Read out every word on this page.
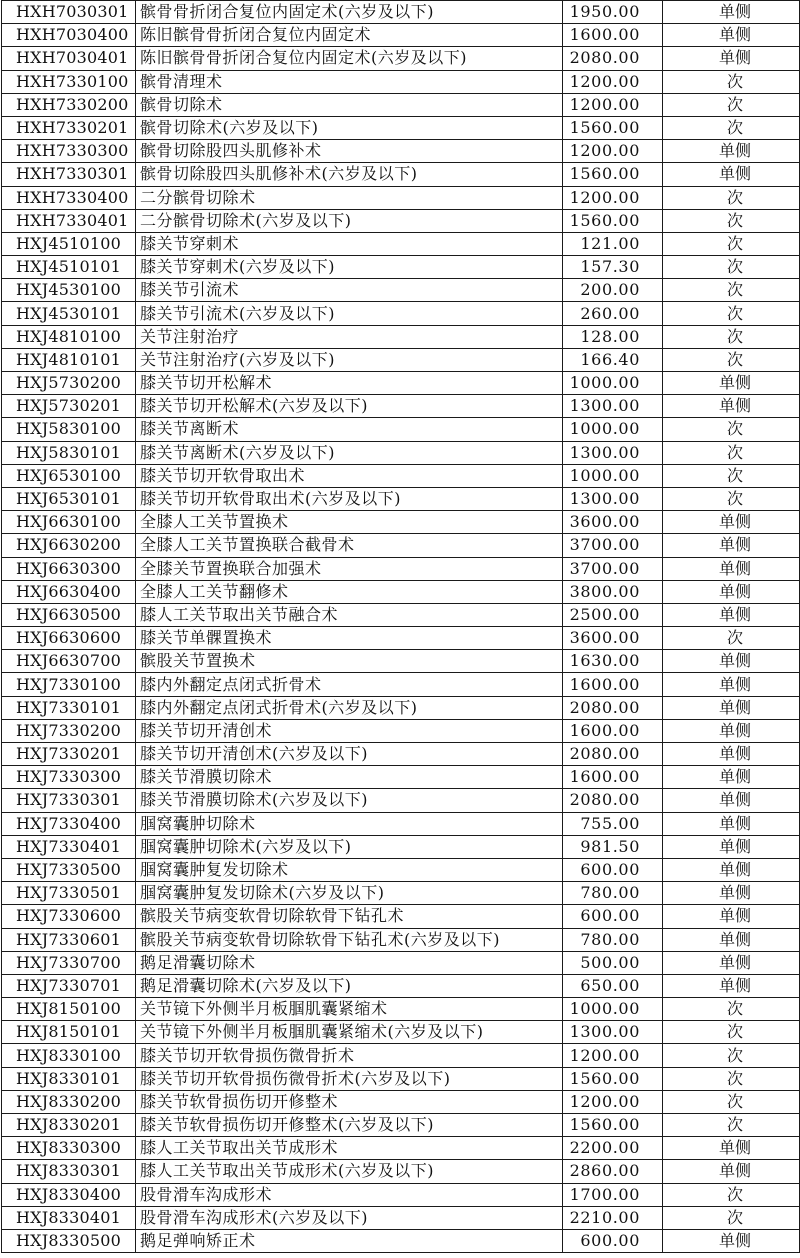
HXH7030301	髌骨骨折闭合复位内固定术(六岁及以下)	1950.00	单侧
HXH7030400	陈旧髌骨骨折闭合复位内固定术	1600.00	单侧
HXH7030401	陈旧髌骨骨折闭合复位内固定术(六岁及以下)	2080.00	单侧
HXH7330100	髌骨清理术	1200.00	次
HXH7330200	髌骨切除术	1200.00	次
HXH7330201	髌骨切除术(六岁及以下)	1560.00	次
HXH7330300	髌骨切除股四头肌修补术	1200.00	单侧
HXH7330301	髌骨切除股四头肌修补术(六岁及以下)	1560.00	单侧
HXH7330400	二分髌骨切除术	1200.00	次
HXH7330401	二分髌骨切除术(六岁及以下)	1560.00	次
HXJ4510100	膝关节穿刺术	121.00	次
HXJ4510101	膝关节穿刺术(六岁及以下)	157.30	次
HXJ4530100	膝关节引流术	200.00	次
HXJ4530101	膝关节引流术(六岁及以下)	260.00	次
HXJ4810100	关节注射治疗	128.00	次
HXJ4810101	关节注射治疗(六岁及以下)	166.40	次
HXJ5730200	膝关节切开松解术	1000.00	单侧
HXJ5730201	膝关节切开松解术(六岁及以下)	1300.00	单侧
HXJ5830100	膝关节离断术	1000.00	次
HXJ5830101	膝关节离断术(六岁及以下)	1300.00	次
HXJ6530100	膝关节切开软骨取出术	1000.00	次
HXJ6530101	膝关节切开软骨取出术(六岁及以下)	1300.00	次
HXJ6630100	全膝人工关节置换术	3600.00	单侧
HXJ6630200	全膝人工关节置换联合截骨术	3700.00	单侧
HXJ6630300	全膝关节置换联合加强术	3700.00	单侧
HXJ6630400	全膝人工关节翻修术	3800.00	单侧
HXJ6630500	膝人工关节取出关节融合术	2500.00	单侧
HXJ6630600	膝关节单髁置换术	3600.00	次
HXJ6630700	髌股关节置换术	1630.00	单侧
HXJ7330100	膝内外翻定点闭式折骨术	1600.00	单侧
HXJ7330101	膝内外翻定点闭式折骨术(六岁及以下)	2080.00	单侧
HXJ7330200	膝关节切开清创术	1600.00	单侧
HXJ7330201	膝关节切开清创术(六岁及以下)	2080.00	单侧
HXJ7330300	膝关节滑膜切除术	1600.00	单侧
HXJ7330301	膝关节滑膜切除术(六岁及以下)	2080.00	单侧
HXJ7330400	腘窝囊肿切除术	755.00	单侧
HXJ7330401	腘窝囊肿切除术(六岁及以下)	981.50	单侧
HXJ7330500	腘窝囊肿复发切除术	600.00	单侧
HXJ7330501	腘窝囊肿复发切除术(六岁及以下)	780.00	单侧
HXJ7330600	髌股关节病变软骨切除软骨下钻孔术	600.00	单侧
HXJ7330601	髌股关节病变软骨切除软骨下钻孔术(六岁及以下)	780.00	单侧
HXJ7330700	鹅足滑囊切除术	500.00	单侧
HXJ7330701	鹅足滑囊切除术(六岁及以下)	650.00	单侧
HXJ8150100	关节镜下外侧半月板腘肌囊紧缩术	1000.00	次
HXJ8150101	关节镜下外侧半月板腘肌囊紧缩术(六岁及以下)	1300.00	次
HXJ8330100	膝关节切开软骨损伤微骨折术	1200.00	次
HXJ8330101	膝关节切开软骨损伤微骨折术(六岁及以下)	1560.00	次
HXJ8330200	膝关节软骨损伤切开修整术	1200.00	次
HXJ8330201	膝关节软骨损伤切开修整术(六岁及以下)	1560.00	次
HXJ8330300	膝人工关节取出关节成形术	2200.00	单侧
HXJ8330301	膝人工关节取出关节成形术(六岁及以下)	2860.00	单侧
HXJ8330400	股骨滑车沟成形术	1700.00	次
HXJ8330401	股骨滑车沟成形术(六岁及以下)	2210.00	次
HXJ8330500	鹅足弹响矫正术	600.00	单侧
